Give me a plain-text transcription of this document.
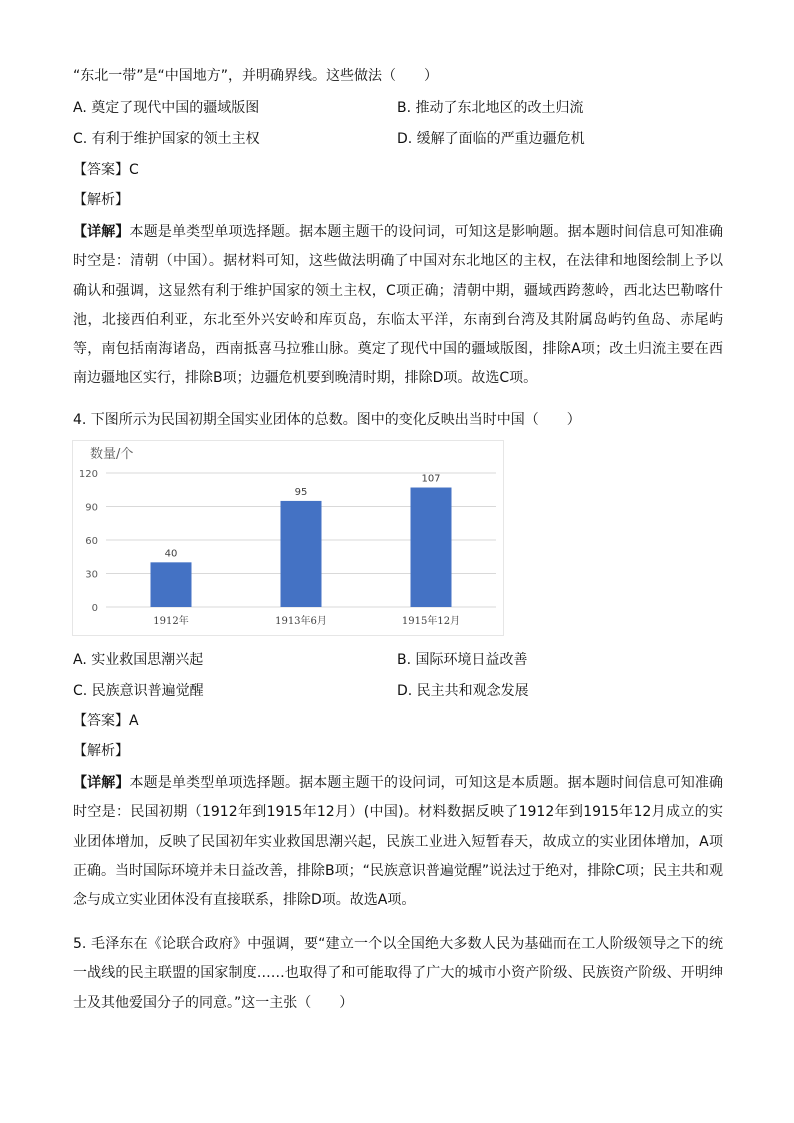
“东北一带”是“中国地方”，并明确界线。这些做法（　　）
A. 奠定了现代中国的疆域版图	B. 推动了东北地区的改土归流
C. 有利于维护国家的领土主权	D. 缓解了面临的严重边疆危机
【答案】C
【解析】
【详解】本题是单类型单项选择题。据本题主题干的设问词，可知这是影响题。据本题时间信息可知准确时空是：清朝（中国）。据材料可知，这些做法明确了中国对东北地区的主权，在法律和地图绘制上予以确认和强调，这显然有利于维护国家的领土主权，C项正确；清朝中期，疆域西跨葱岭，西北达巴勒喀什池，北接西伯利亚，东北至外兴安岭和库页岛，东临太平洋，东南到台湾及其附属岛屿钓鱼岛、赤尾屿等，南包括南海诸岛，西南抵喜马拉雅山脉。奠定了现代中国的疆域版图，排除A项；改土归流主要在西南边疆地区实行，排除B项；边疆危机要到晚清时期，排除D项。故选C项。
4. 下图所示为民国初期全国实业团体的总数。图中的变化反映出当时中国（　　）
数量/个
0
30
60
90
120
40
1912年
95
1913年6月
107
1915年12月
A. 实业救国思潮兴起	B. 国际环境日益改善
C. 民族意识普遍觉醒	D. 民主共和观念发展
【答案】A
【解析】
【详解】本题是单类型单项选择题。据本题主题干的设问词，可知这是本质题。据本题时间信息可知准确时空是：民国初期（1912年到1915年12月）(中国)。材料数据反映了1912年到1915年12月成立的实业团体增加，反映了民国初年实业救国思潮兴起，民族工业进入短暂春天，故成立的实业团体增加，A项正确。当时国际环境并未日益改善，排除B项；“民族意识普遍觉醒”说法过于绝对，排除C项；民主共和观念与成立实业团体没有直接联系，排除D项。故选A项。
5. 毛泽东在《论联合政府》中强调，要“建立一个以全国绝大多数人民为基础而在工人阶级领导之下的统一战线的民主联盟的国家制度……也取得了和可能取得了广大的城市小资产阶级、民族资产阶级、开明绅士及其他爱国分子的同意。”这一主张（　　）
